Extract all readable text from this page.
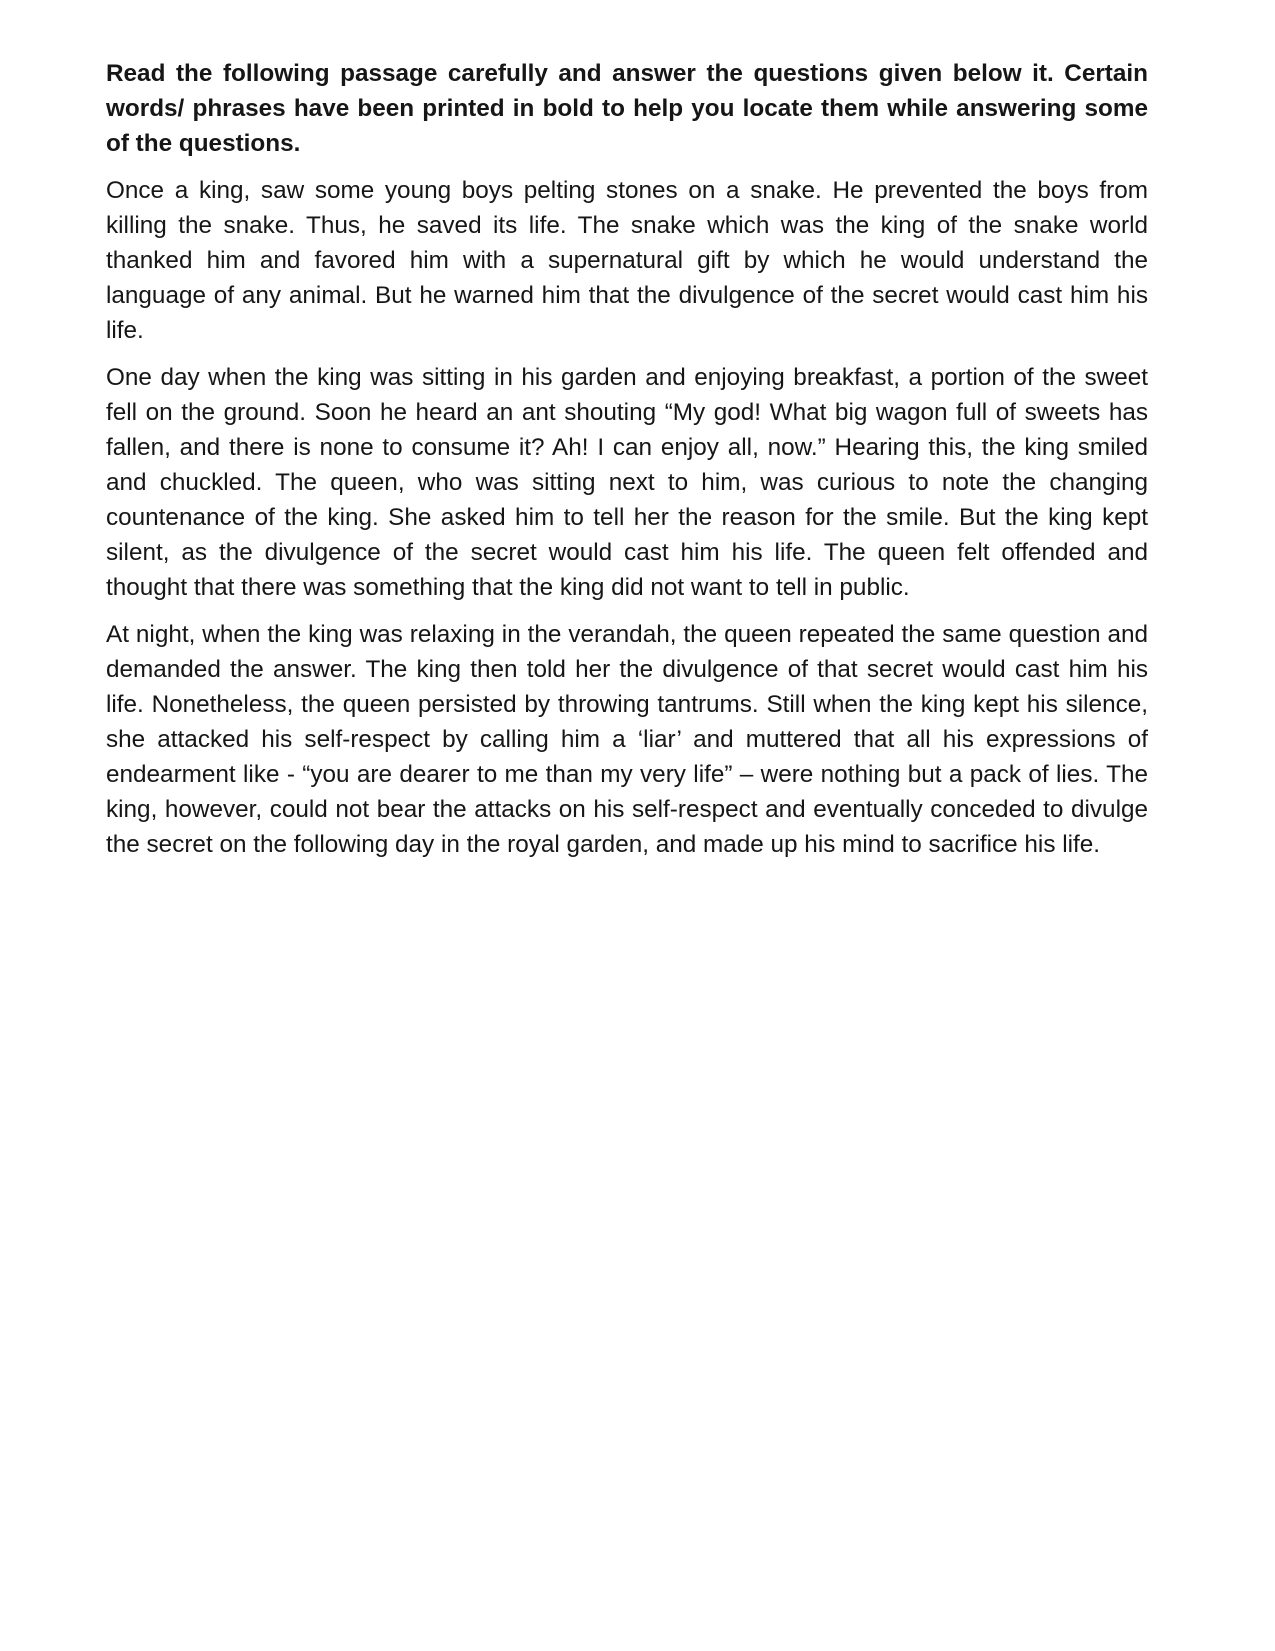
Read the following passage carefully and answer the questions given below it. Certain words/ phrases have been printed in bold to help you locate them while answering some of the questions.

Once a king, saw some young boys pelting stones on a snake. He prevented the boys from killing the snake. Thus, he saved its life. The snake which was the king of the snake world thanked him and favored him with a supernatural gift by which he would understand the language of any animal. But he warned him that the divulgence of the secret would cast him his life.

One day when the king was sitting in his garden and enjoying breakfast, a portion of the sweet fell on the ground. Soon he heard an ant shouting “My god! What big wagon full of sweets has fallen, and there is none to consume it? Ah! I can enjoy all, now.” Hearing this, the king smiled and chuckled. The queen, who was sitting next to him, was curious to note the changing countenance of the king. She asked him to tell her the reason for the smile. But the king kept silent, as the divulgence of the secret would cast him his life. The queen felt offended and thought that there was something that the king did not want to tell in public.

At night, when the king was relaxing in the verandah, the queen repeated the same question and demanded the answer. The king then told her the divulgence of that secret would cast him his life. Nonetheless, the queen persisted by throwing tantrums. Still when the king kept his silence, she attacked his self-respect by calling him a ‘liar’ and muttered that all his expressions of endearment like - “you are dearer to me than my very life” – were nothing but a pack of lies. The king, however, could not bear the attacks on his self-respect and eventually conceded to divulge the secret on the following day in the royal garden, and made up his mind to sacrifice his life.
